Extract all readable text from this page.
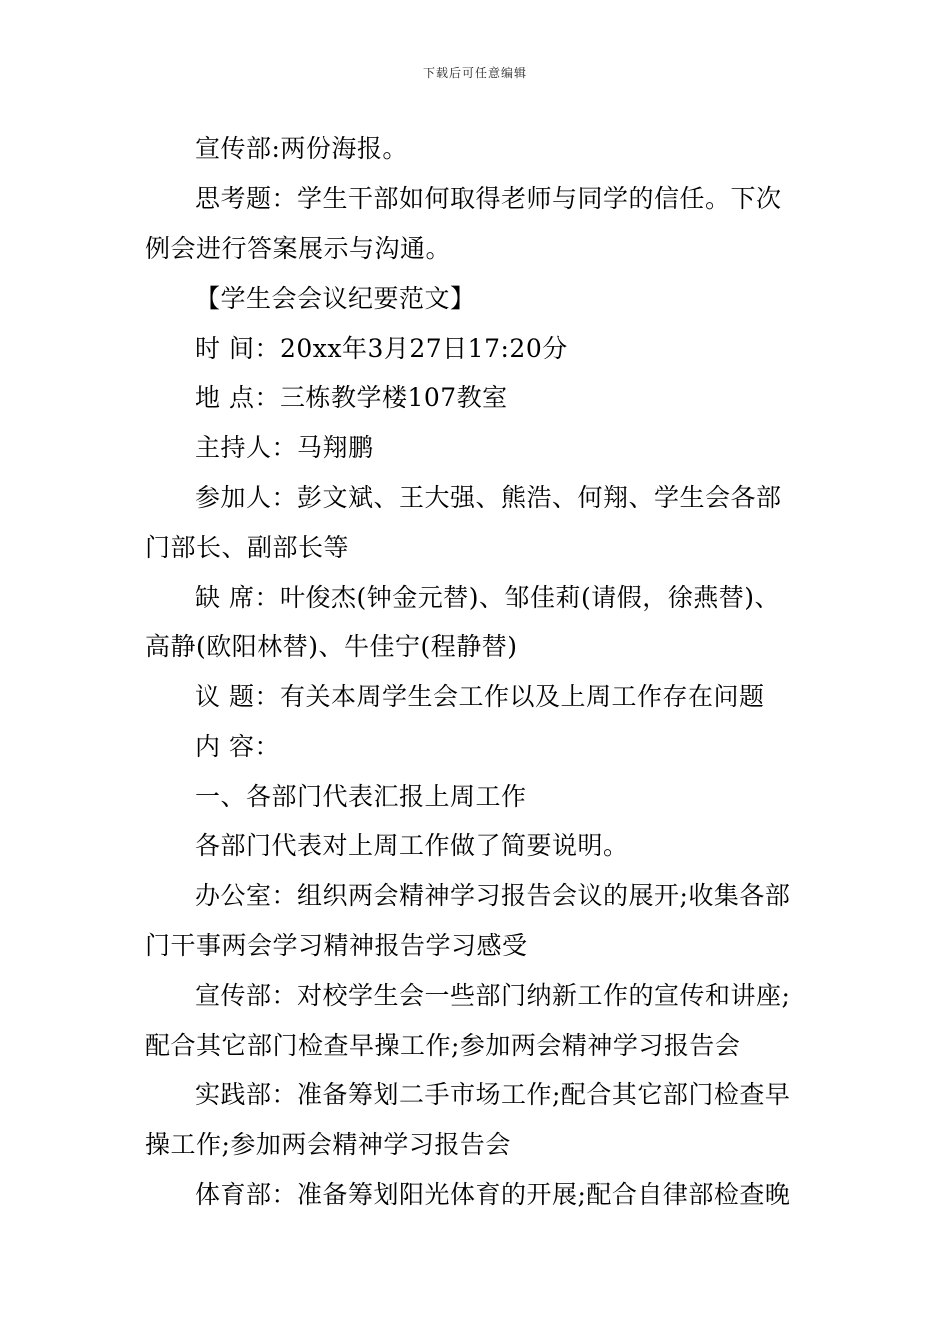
下载后可任意编辑
宣传部:两份海报。
思考题：学生干部如何取得老师与同学的信任。下次
例会进行答案展示与沟通。
【学生会会议纪要范文】
时 间：20xx年3月27日17:20分
地 点：三栋教学楼107教室
主持人：马翔鹏
参加人：彭文斌、王大强、熊浩、何翔、学生会各部
门部长、副部长等
缺 席：叶俊杰(钟金元替)、邹佳莉(请假，徐燕替)、
高静(欧阳林替)、牛佳宁(程静替)
议 题：有关本周学生会工作以及上周工作存在问题
内 容：
一、各部门代表汇报上周工作
各部门代表对上周工作做了简要说明。
办公室：组织两会精神学习报告会议的展开;收集各部
门干事两会学习精神报告学习感受
宣传部：对校学生会一些部门纳新工作的宣传和讲座;
配合其它部门检查早操工作;参加两会精神学习报告会
实践部：准备筹划二手市场工作;配合其它部门检查早
操工作;参加两会精神学习报告会
体育部：准备筹划阳光体育的开展;配合自律部检查晚
